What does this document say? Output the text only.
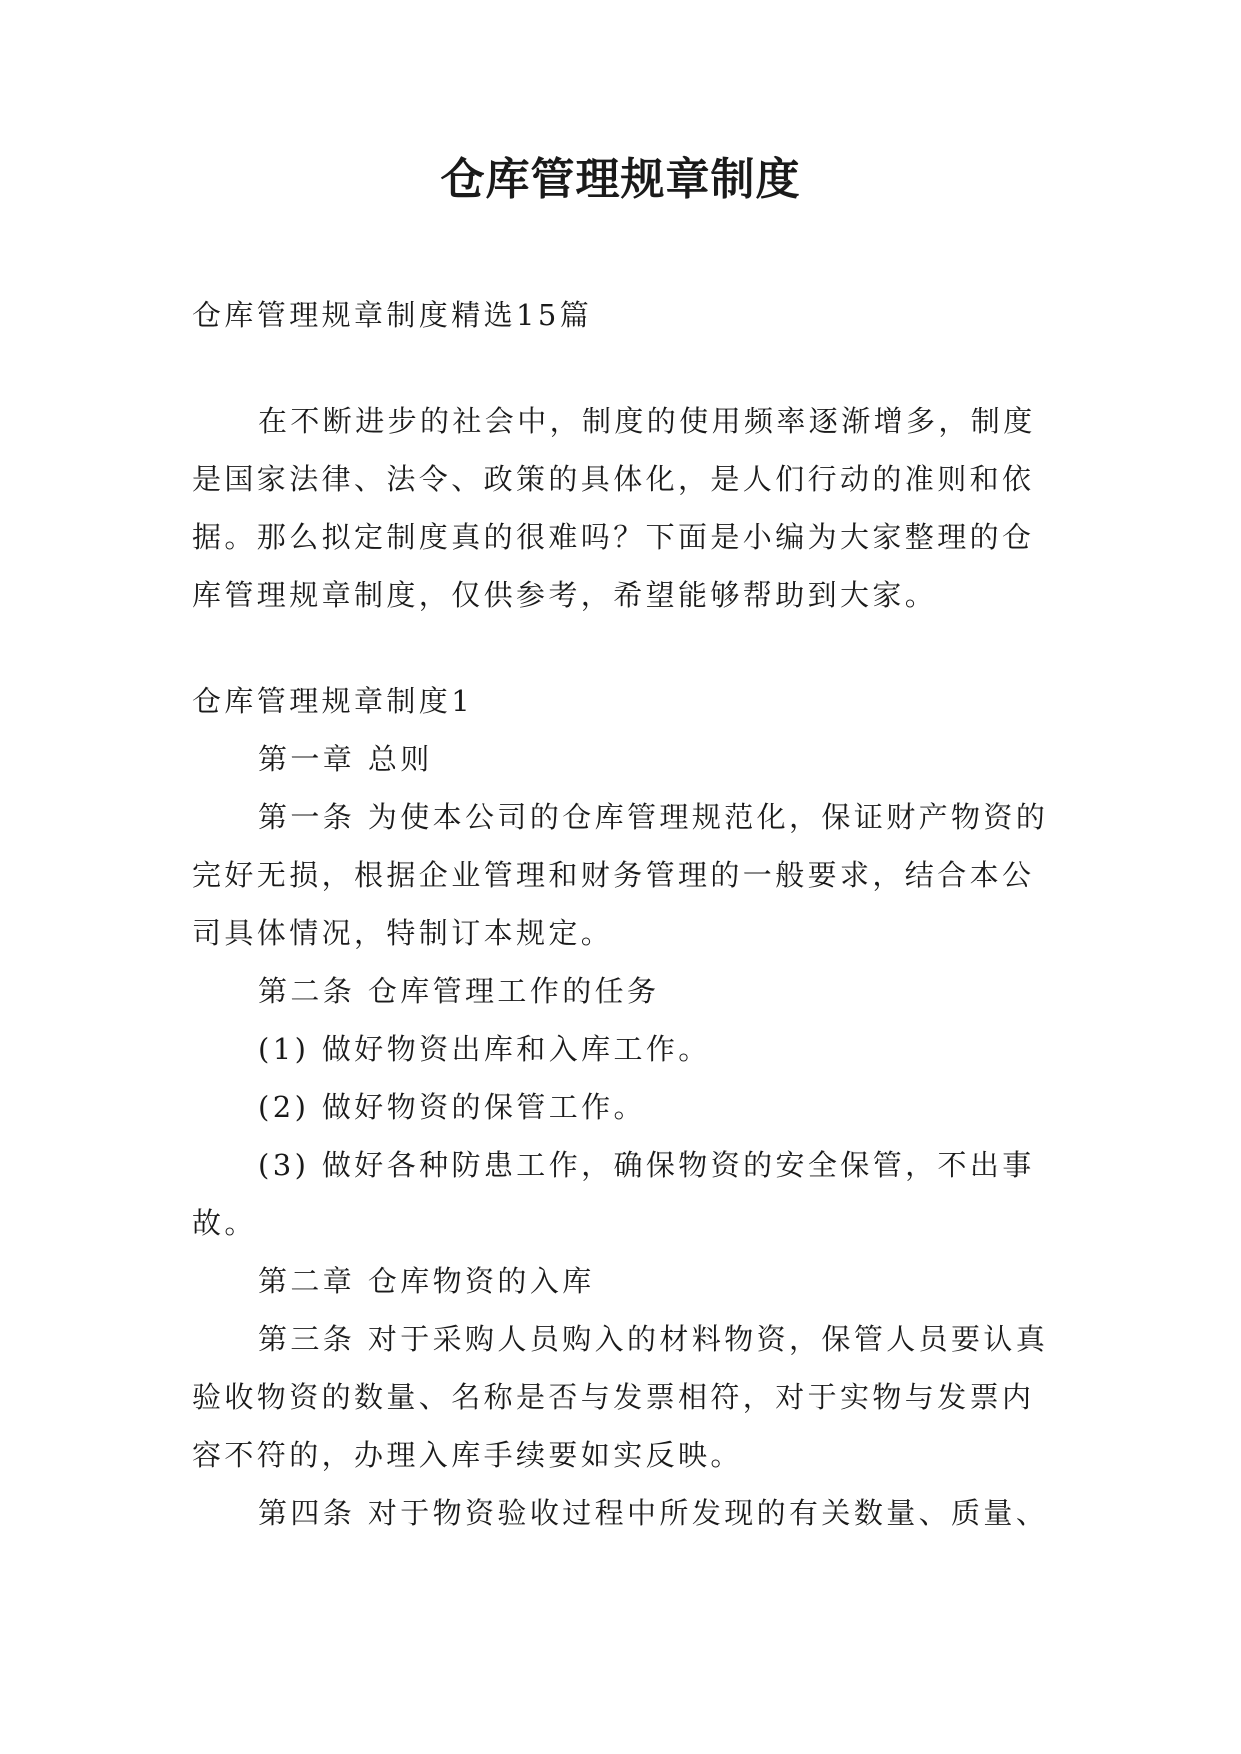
仓库管理规章制度

仓库管理规章制度精选15篇

在不断进步的社会中，制度的使用频率逐渐增多，制度是国家法律、法令、政策的具体化，是人们行动的准则和依据。那么拟定制度真的很难吗？下面是小编为大家整理的仓库管理规章制度，仅供参考，希望能够帮助到大家。

仓库管理规章制度1

第一章 总则

第一条 为使本公司的仓库管理规范化，保证财产物资的完好无损，根据企业管理和财务管理的一般要求，结合本公司具体情况，特制订本规定。

第二条 仓库管理工作的任务

(1) 做好物资出库和入库工作。

(2) 做好物资的保管工作。

(3) 做好各种防患工作，确保物资的安全保管，不出事故。

第二章 仓库物资的入库

第三条 对于采购人员购入的材料物资，保管人员要认真验收物资的数量、名称是否与发票相符，对于实物与发票内容不符的，办理入库手续要如实反映。

第四条 对于物资验收过程中所发现的有关数量、质量、
